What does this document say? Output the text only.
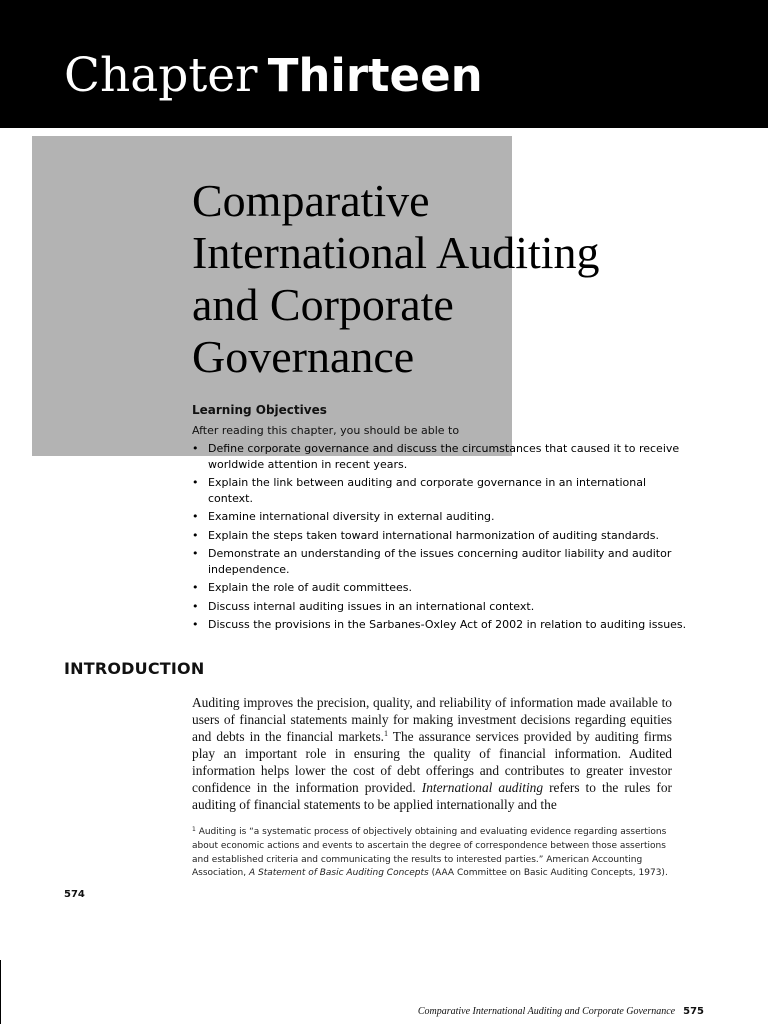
Chapter Thirteen
Comparative
International Auditing
and Corporate
Governance
Learning Objectives

After reading this chapter, you should be able to

• Define corporate governance and discuss the circumstances that caused it to receive worldwide attention in recent years.
• Explain the link between auditing and corporate governance in an international context.
• Examine international diversity in external auditing.
• Explain the steps taken toward international harmonization of auditing standards.
• Demonstrate an understanding of the issues concerning auditor liability and auditor independence.
• Explain the role of audit committees.
• Discuss internal auditing issues in an international context.
• Discuss the provisions in the Sarbanes-Oxley Act of 2002 in relation to auditing issues.
INTRODUCTION

Auditing improves the precision, quality, and reliability of information made available to users of financial statements mainly for making investment decisions regarding equities and debts in the financial markets.$^1$ The assurance services provided by auditing firms play an important role in ensuring the quality of financial information. Audited information helps lower the cost of debt offerings and contributes to greater investor confidence in the information provided. International auditing refers to the rules for auditing of financial statements to be applied internationally and the

$^1$ Auditing is “a systematic process of objectively obtaining and evaluating evidence regarding assertions about economic actions and events to ascertain the degree of correspondence between those assertions and established criteria and communicating the results to interested parties.” American Accounting Association, A Statement of Basic Auditing Concepts (AAA Committee on Basic Auditing Concepts, 1973).

574
Comparative International Auditing and Corporate Governance 575
